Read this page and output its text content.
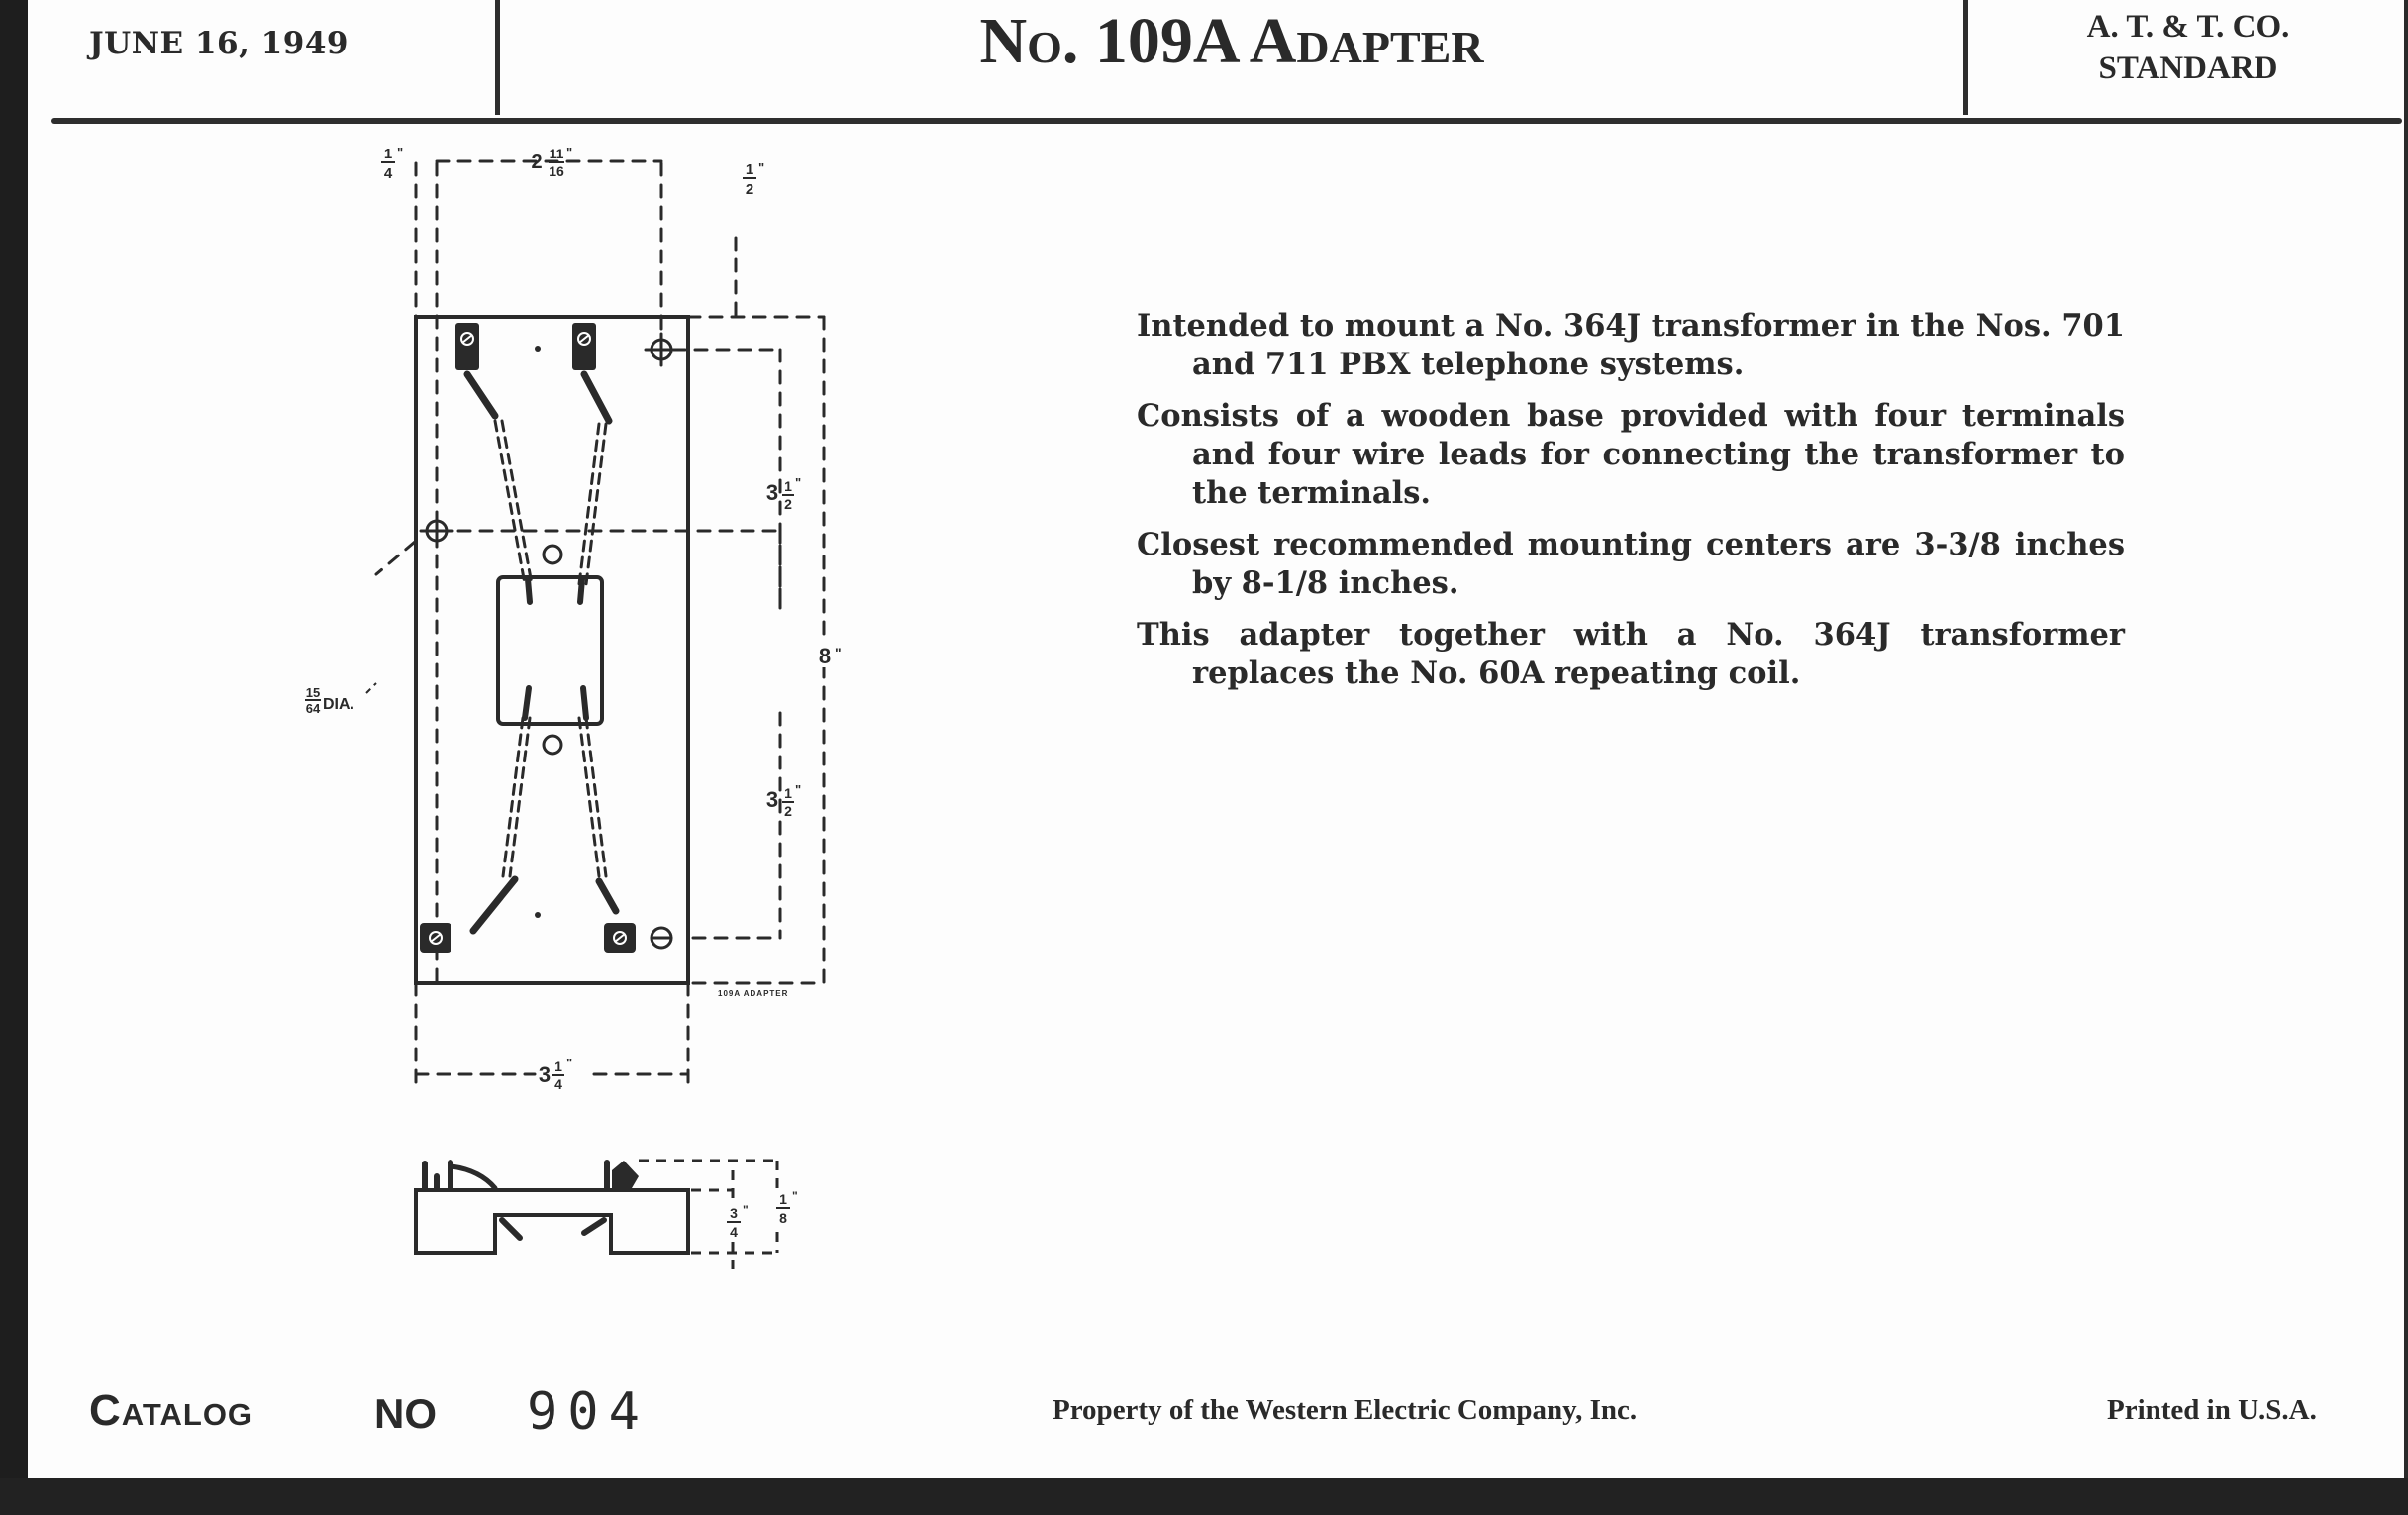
JUNE 16, 1949	No. 109A Adapter	A. T. & T. CO.
STANDARD

Intended to mount a No. 364J transformer in the Nos. 701 and 711 PBX telephone systems.

Consists of a wooden base provided with four terminals and four wire leads for connecting the transformer to the terminals.

Closest recommended mounting centers are 3-3/8 inches by 8-1/8 inches.

This adapter together with a No. 364J transformer replaces the No. 60A repeating coil.

1
4
"	2 11
16
"
1
2
"
3 1
2
"
3 1
2
"
8 "
3 1
4
"
15
64 DIA.
109A ADAPTER
3
4
"
1
8
"
Catalog	NO 904	Property of the Western Electric Company, Inc.	Printed in U.S.A.
